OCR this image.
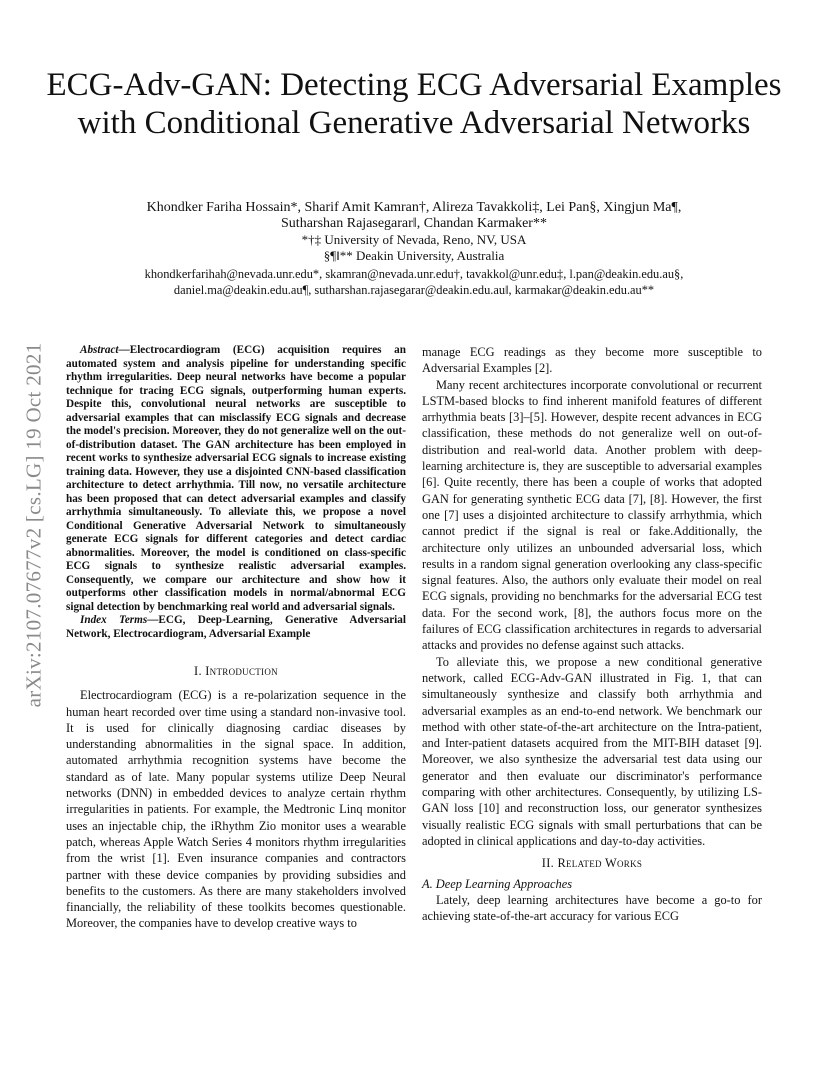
arXiv:2107.07677v2 [cs.LG] 19 Oct 2021
ECG-Adv-GAN: Detecting ECG Adversarial Examples with Conditional Generative Adversarial Networks
Khondker Fariha Hossain*, Sharif Amit Kamran†, Alireza Tavakkoli‡, Lei Pan§, Xingjun Ma¶,
Sutharshan Rajasegarar‖, Chandan Karmaker**
*†‡ University of Nevada, Reno, NV, USA
§¶‖** Deakin University, Australia
khondkerfarihah@nevada.unr.edu*, skamran@nevada.unr.edu†, tavakkol@unr.edu‡, l.pan@deakin.edu.au§,
daniel.ma@deakin.edu.au¶, sutharshan.rajasegarar@deakin.edu.au‖, karmakar@deakin.edu.au**

Abstract—Electrocardiogram (ECG) acquisition requires an automated system and analysis pipeline for understanding specific rhythm irregularities. Deep neural networks have become a popular technique for tracing ECG signals, outperforming human experts. Despite this, convolutional neural networks are susceptible to adversarial examples that can misclassify ECG signals and decrease the model's precision. Moreover, they do not generalize well on the out-of-distribution dataset. The GAN architecture has been employed in recent works to synthesize adversarial ECG signals to increase existing training data. However, they use a disjointed CNN-based classification architecture to detect arrhythmia. Till now, no versatile architecture has been proposed that can detect adversarial examples and classify arrhythmia simultaneously. To alleviate this, we propose a novel Conditional Generative Adversarial Network to simultaneously generate ECG signals for different categories and detect cardiac abnormalities. Moreover, the model is conditioned on class-specific ECG signals to synthesize realistic adversarial examples. Consequently, we compare our architecture and show how it outperforms other classification models in normal/abnormal ECG signal detection by benchmarking real world and adversarial signals.

Index Terms—ECG, Deep-Learning, Generative Adversarial Network, Electrocardiogram, Adversarial Example

I. Introduction

Electrocardiogram (ECG) is a re-polarization sequence in the human heart recorded over time using a standard non-invasive tool. It is used for clinically diagnosing cardiac diseases by understanding abnormalities in the signal space. In addition, automated arrhythmia recognition systems have become the standard as of late. Many popular systems utilize Deep Neural networks (DNN) in embedded devices to analyze certain rhythm irregularities in patients. For example, the Medtronic Linq monitor uses an injectable chip, the iRhythm Zio monitor uses a wearable patch, whereas Apple Watch Series 4 monitors rhythm irregularities from the wrist [1]. Even insurance companies and contractors partner with these device companies by providing subsidies and benefits to the customers. As there are many stakeholders involved financially, the reliability of these toolkits becomes questionable. Moreover, the companies have to develop creative ways to

manage ECG readings as they become more susceptible to Adversarial Examples [2].

Many recent architectures incorporate convolutional or recurrent LSTM-based blocks to find inherent manifold features of different arrhythmia beats [3]–[5]. However, despite recent advances in ECG classification, these methods do not generalize well on out-of-distribution and real-world data. Another problem with deep-learning architecture is, they are susceptible to adversarial examples [6]. Quite recently, there has been a couple of works that adopted GAN for generating synthetic ECG data [7], [8]. However, the first one [7] uses a disjointed architecture to classify arrhythmia, which cannot predict if the signal is real or fake.Additionally, the architecture only utilizes an unbounded adversarial loss, which results in a random signal generation overlooking any class-specific signal features. Also, the authors only evaluate their model on real ECG signals, providing no benchmarks for the adversarial ECG test data. For the second work, [8], the authors focus more on the failures of ECG classification architectures in regards to adversarial attacks and provides no defense against such attacks.

To alleviate this, we propose a new conditional generative network, called ECG-Adv-GAN illustrated in Fig. 1, that can simultaneously synthesize and classify both arrhythmia and adversarial examples as an end-to-end network. We benchmark our method with other state-of-the-art architecture on the Intra-patient, and Inter-patient datasets acquired from the MIT-BIH dataset [9]. Moreover, we also synthesize the adversarial test data using our generator and then evaluate our discriminator's performance comparing with other architectures. Consequently, by utilizing LS-GAN loss [10] and reconstruction loss, our generator synthesizes visually realistic ECG signals with small perturbations that can be adopted in clinical applications and day-to-day activities.

II. Related Works

A. Deep Learning Approaches

Lately, deep learning architectures have become a go-to for achieving state-of-the-art accuracy for various ECG
